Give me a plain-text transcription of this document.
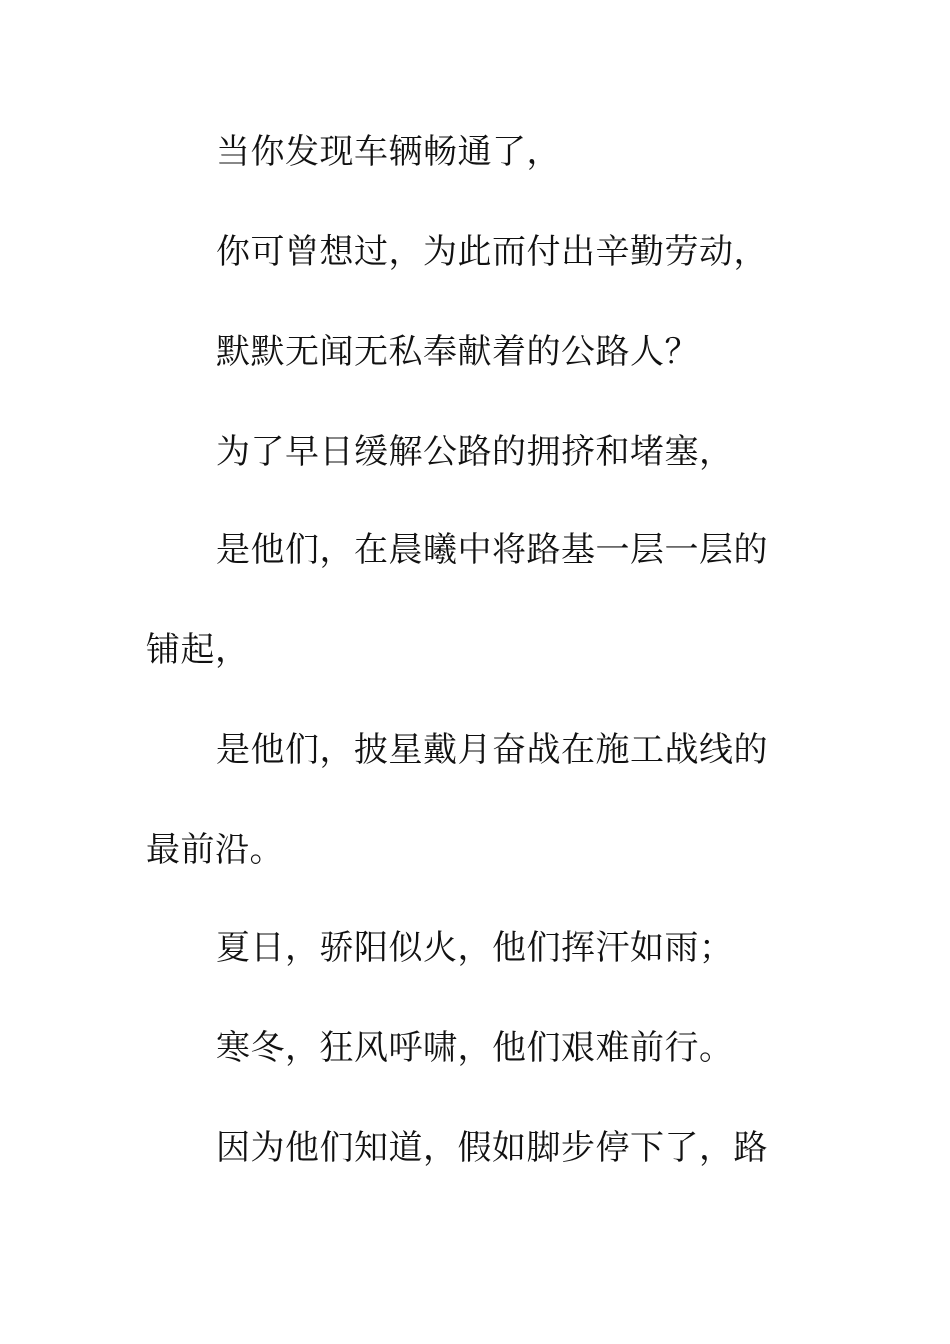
当你发现车辆畅通了，

你可曾想过，为此而付出辛勤劳动，

默默无闻无私奉献着的公路人？

为了早日缓解公路的拥挤和堵塞，

是他们，在晨曦中将路基一层一层的

铺起，

是他们，披星戴月奋战在施工战线的

最前沿。

夏日，骄阳似火，他们挥汗如雨；

寒冬，狂风呼啸，他们艰难前行。

因为他们知道，假如脚步停下了，路
